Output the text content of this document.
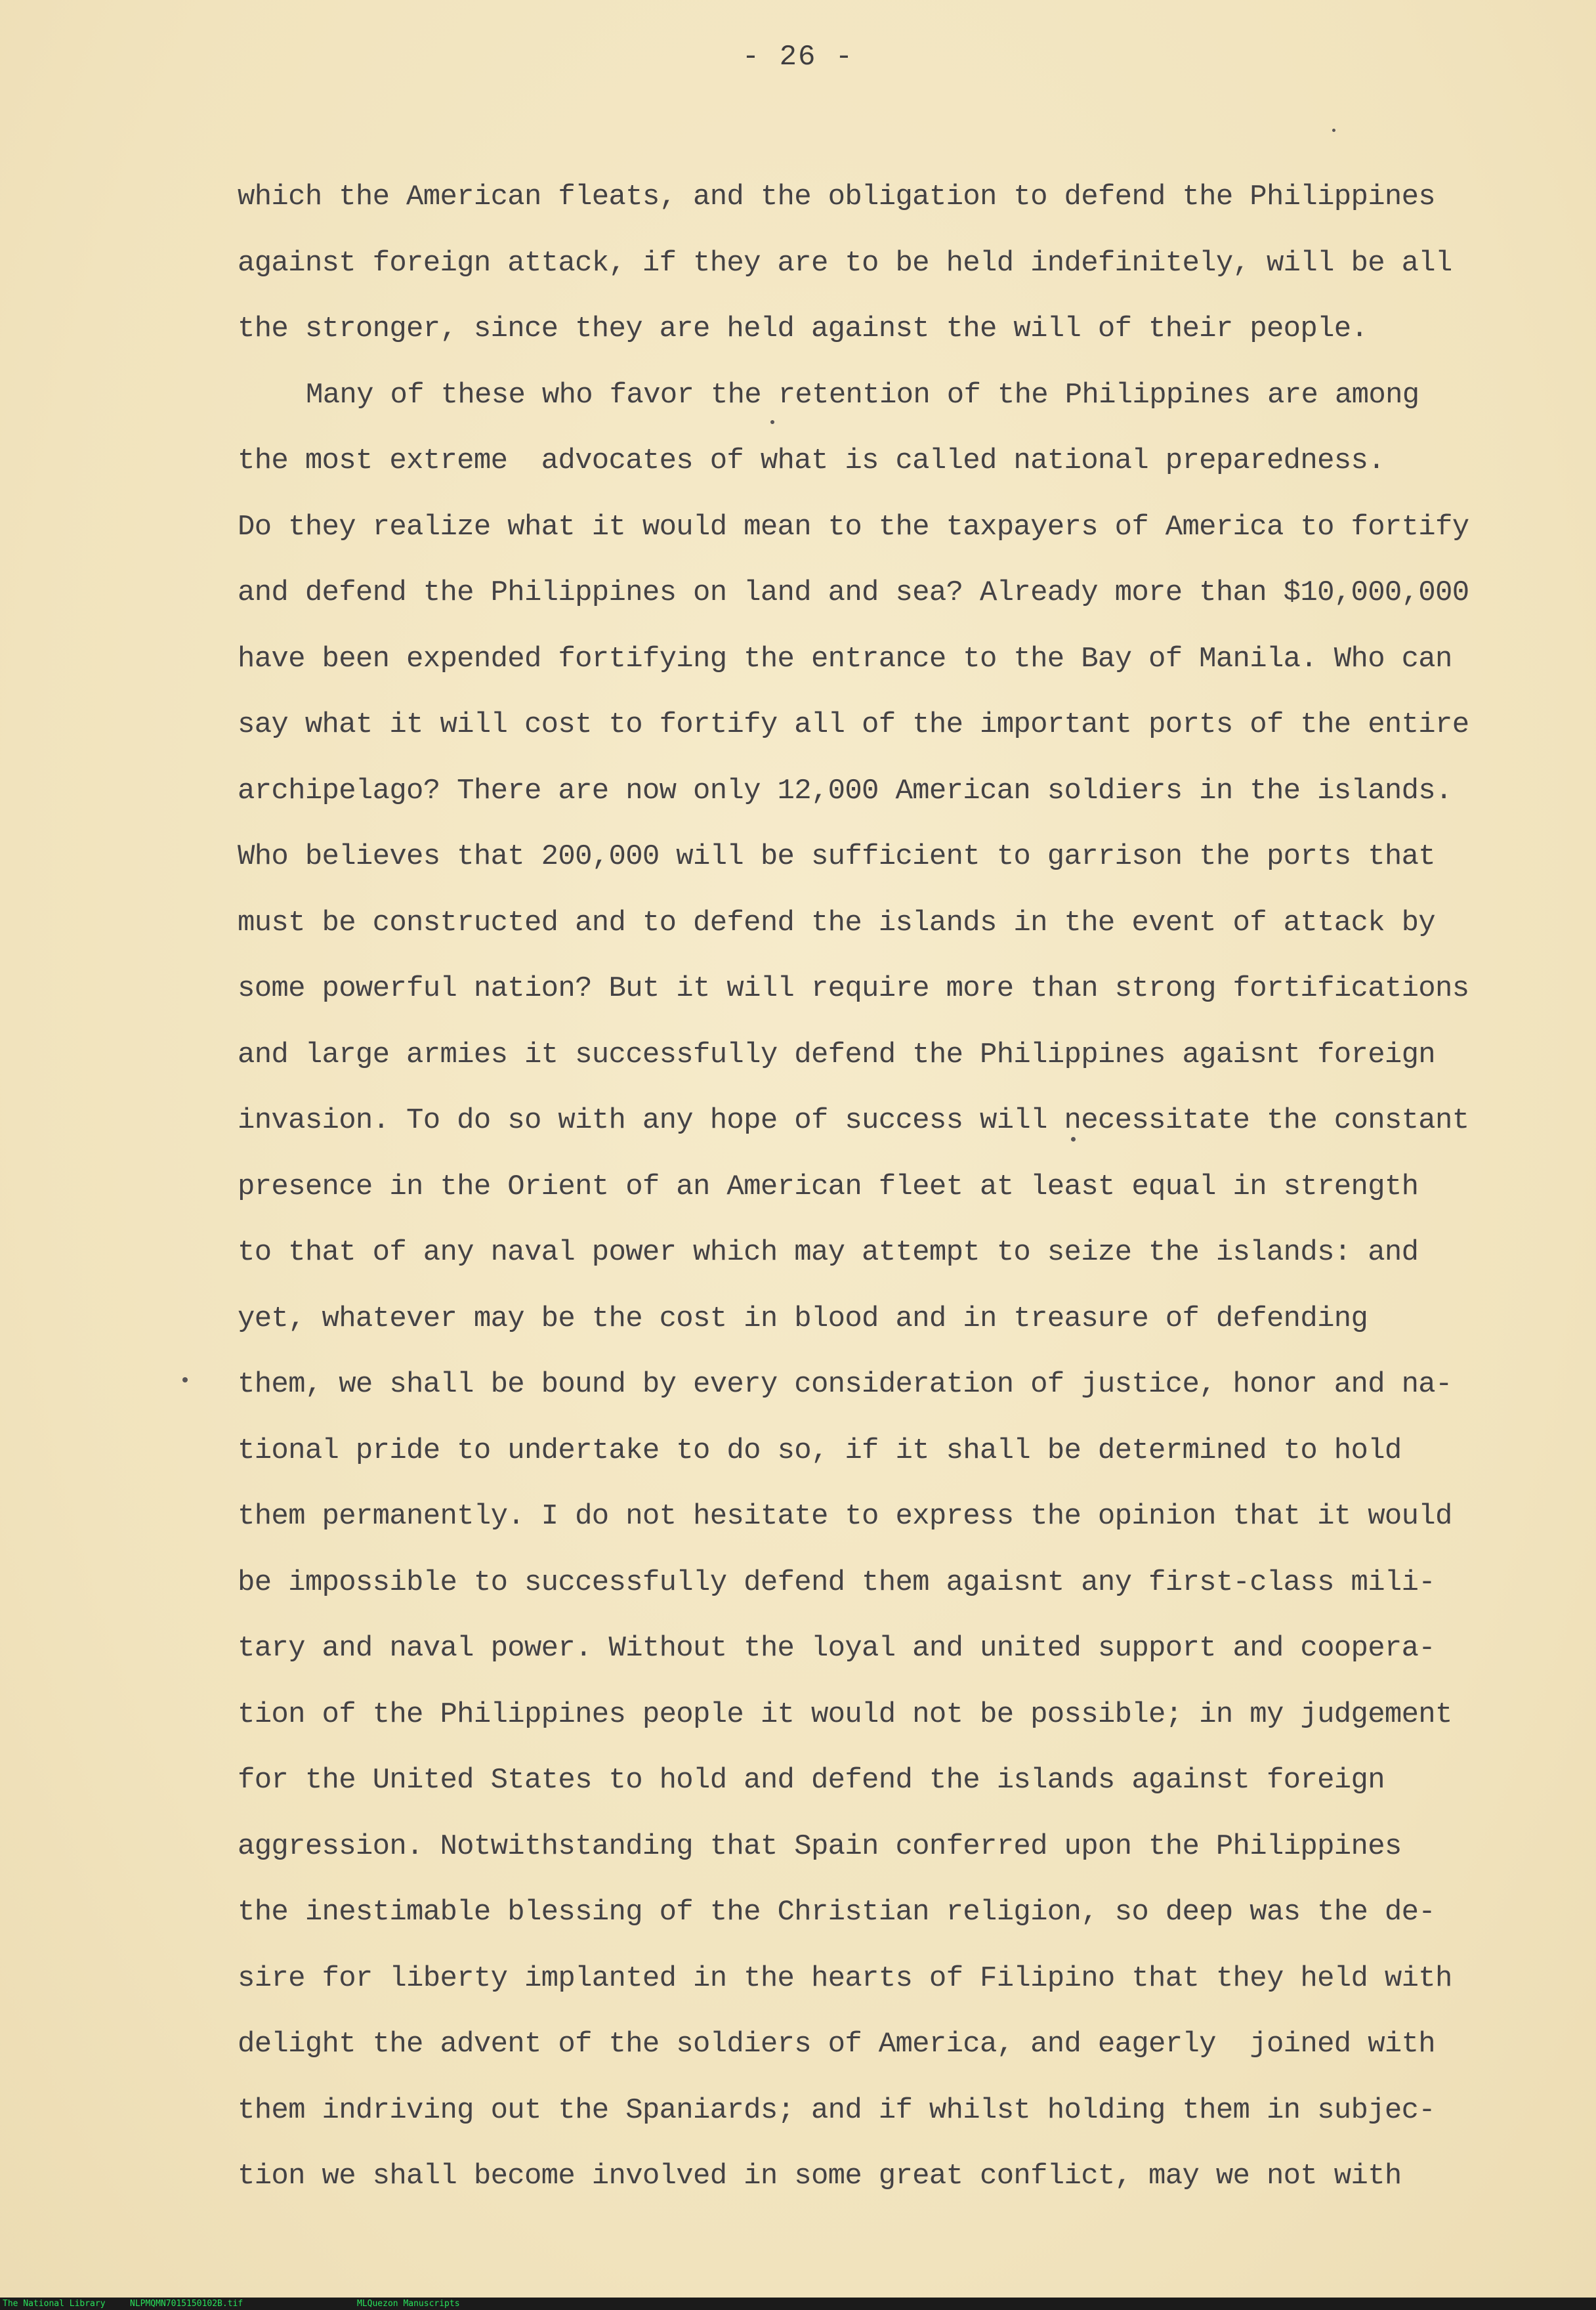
- 26 -
which the American fleats, and the obligation to defend the Philippines
against foreign attack, if they are to be held indefinitely, will be all
the stronger, since they are held against the will of their people.
Many of these who favor the retention of the Philippines are among
the most extreme  advocates of what is called national preparedness.
Do they realize what it would mean to the taxpayers of America to fortify
and defend the Philippines on land and sea? Already more than $10,000,000
have been expended fortifying the entrance to the Bay of Manila. Who can
say what it will cost to fortify all of the important ports of the entire
archipelago? There are now only 12,000 American soldiers in the islands.
Who believes that 200,000 will be sufficient to garrison the ports that
must be constructed and to defend the islands in the event of attack by
some powerful nation? But it will require more than strong fortifications
and large armies it successfully defend the Philippines agaisnt foreign
invasion. To do so with any hope of success will necessitate the constant
presence in the Orient of an American fleet at least equal in strength
to that of any naval power which may attempt to seize the islands: and
yet, whatever may be the cost in blood and in treasure of defending
them, we shall be bound by every consideration of justice, honor and na-
tional pride to undertake to do so, if it shall be determined to hold
them permanently. I do not hesitate to express the opinion that it would
be impossible to successfully defend them agaisnt any first-class mili-
tary and naval power. Without the loyal and united support and coopera-
tion of the Philippines people it would not be possible; in my judgement
for the United States to hold and defend the islands against foreign
aggression. Notwithstanding that Spain conferred upon the Philippines
the inestimable blessing of the Christian religion, so deep was the de-
sire for liberty implanted in the hearts of Filipino that they held with
delight the advent of the soldiers of America, and eagerly  joined with
them indriving out the Spaniards; and if whilst holding them in subjec-
tion we shall become involved in some great conflict, may we not with
The National Library	NLPMQMN7015150102B.tif	MLQuezon Manuscripts
